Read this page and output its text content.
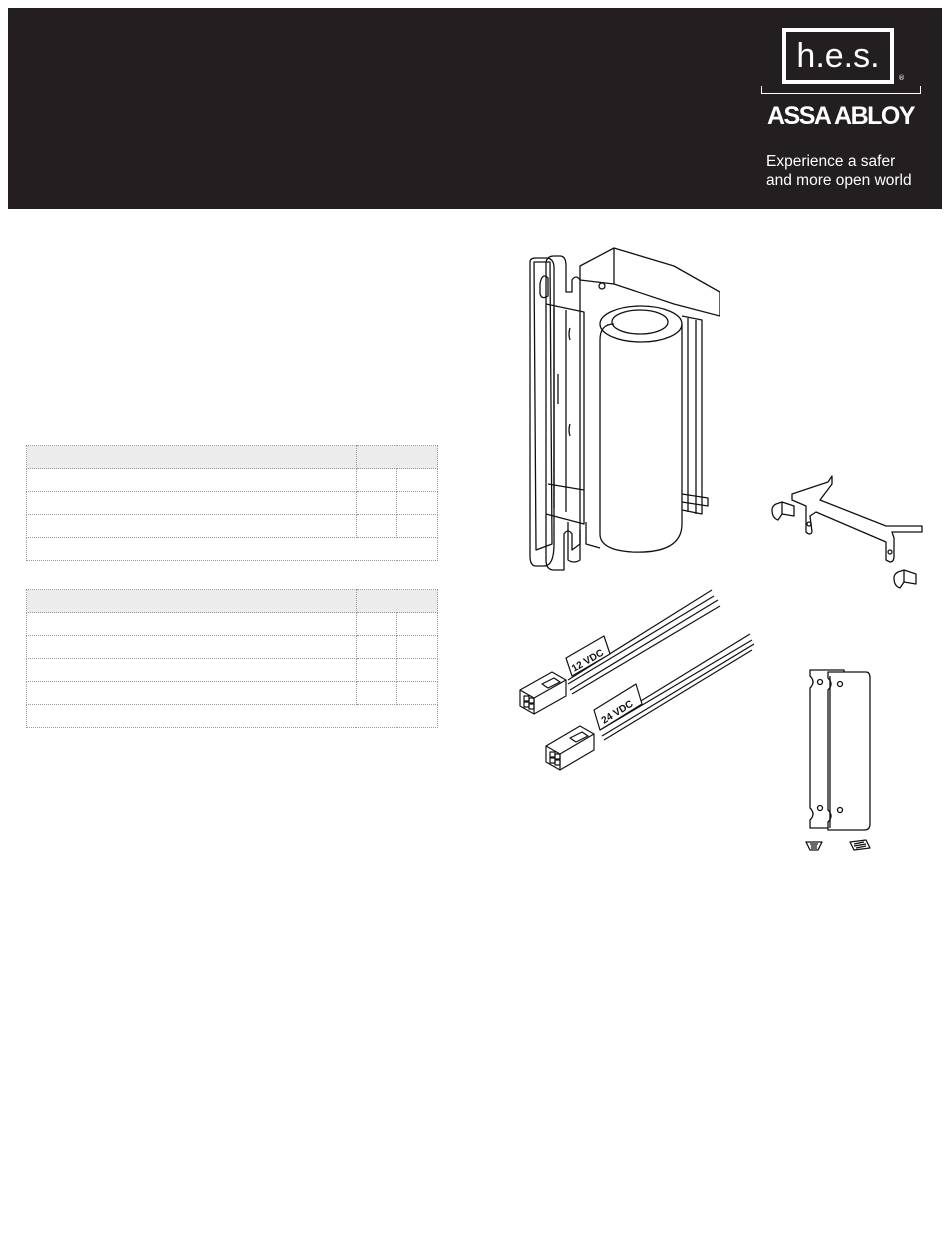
h.e.s.
®
ASSA ABLOY
Experience a safer
and more open world

12 VDC
24 VDC
